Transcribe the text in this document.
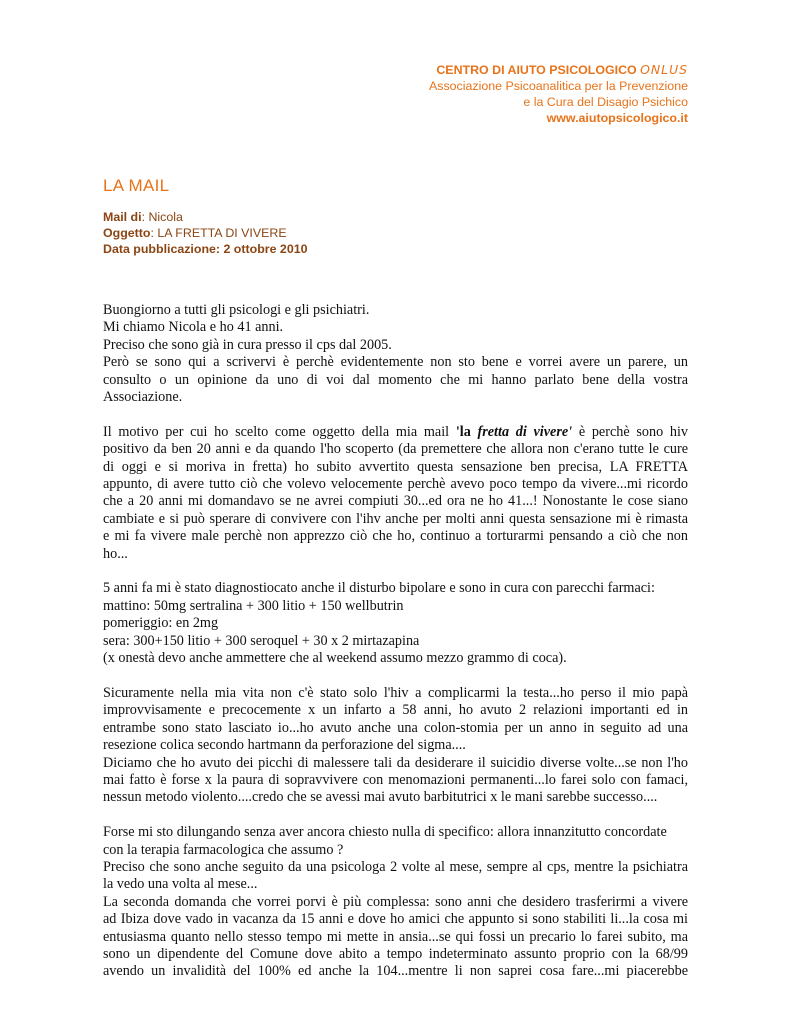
CENTRO DI AIUTO PSICOLOGICO ONLUS
Associazione Psicoanalitica per la Prevenzione
e la Cura del Disagio Psichico
www.aiutopsicologico.it
LA MAIL
Mail di: Nicola
Oggetto: LA FRETTA DI VIVERE
Data pubblicazione: 2 ottobre 2010

Buongiorno a tutti gli psicologi e gli psichiatri.
Mi chiamo Nicola e ho 41 anni.
Preciso che sono già in cura presso il cps dal 2005.
Però se sono qui a scrivervi è perchè evidentemente non sto bene e vorrei avere un parere, un
consulto o un opinione da uno di voi dal momento che mi hanno parlato bene della vostra
Associazione.

Il motivo per cui ho scelto come oggetto della mia mail 'la fretta di vivere' è perchè sono hiv
positivo da ben 20 anni e da quando l'ho scoperto (da premettere che allora non c'erano tutte le cure
di oggi e si moriva in fretta) ho subito avvertito questa sensazione ben precisa, LA FRETTA
appunto, di avere tutto ciò che volevo velocemente perchè avevo poco tempo da vivere...mi ricordo
che a 20 anni mi domandavo se ne avrei compiuti 30...ed ora ne ho 41...! Nonostante le cose siano
cambiate e si può sperare di convivere con l'ihv anche per molti anni questa sensazione mi è rimasta
e mi fa vivere male perchè non apprezzo ciò che ho, continuo a torturarmi pensando a ciò che non
ho...

5 anni fa mi è stato diagnostiocato anche il disturbo bipolare e sono in cura con parecchi farmaci:
mattino: 50mg sertralina + 300 litio + 150 wellbutrin
pomeriggio: en 2mg
sera: 300+150 litio + 300 seroquel + 30 x 2 mirtazapina
(x onestà devo anche ammettere che al weekend assumo mezzo grammo di coca).

Sicuramente nella mia vita non c'è stato solo l'hiv a complicarmi la testa...ho perso il mio papà
improvvisamente e precocemente x un infarto a 58 anni, ho avuto 2 relazioni importanti ed in
entrambe sono stato lasciato io...ho avuto anche una colon-stomia per un anno in seguito ad una
resezione colica secondo hartmann da perforazione del sigma....
Diciamo che ho avuto dei picchi di malessere tali da desiderare il suicidio diverse volte...se non l'ho
mai fatto è forse x la paura di sopravvivere con menomazioni permanenti...lo farei solo con famaci,
nessun metodo violento....credo che se avessi mai avuto barbitutrici x le mani sarebbe successo....

Forse mi sto dilungando senza aver ancora chiesto nulla di specifico: allora innanzitutto concordate
con la terapia farmacologica che assumo ?
Preciso che sono anche seguito da una psicologa 2 volte al mese, sempre al cps, mentre la psichiatra
la vedo una volta al mese...
La seconda domanda che vorrei porvi è più complessa: sono anni che desidero trasferirmi a vivere
ad Ibiza dove vado in vacanza da 15 anni e dove ho amici che appunto si sono stabiliti li...la cosa mi
entusiasma quanto nello stesso tempo mi mette in ansia...se qui fossi un precario lo farei subito, ma
sono un dipendente del Comune dove abito a tempo indeterminato assunto proprio con la 68/99
avendo un invalidità del 100% ed anche la 104...mentre li non saprei cosa fare...mi piacerebbe
